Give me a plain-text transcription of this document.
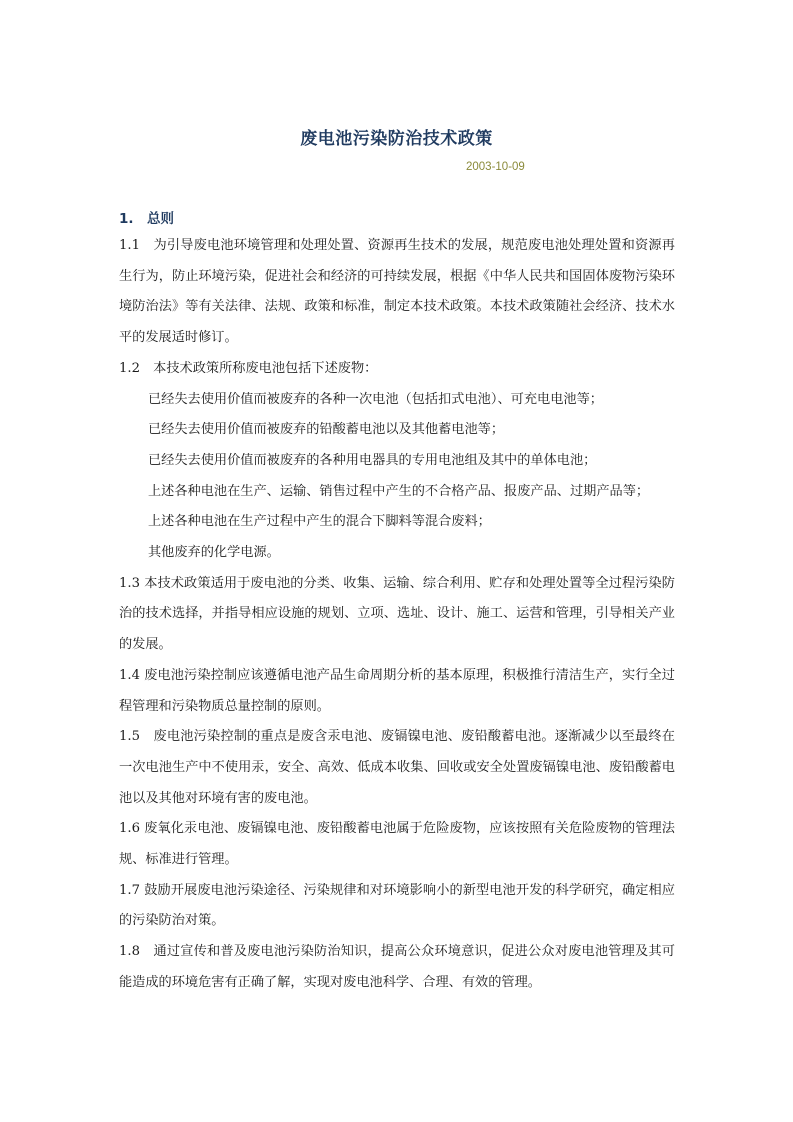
废电池污染防治技术政策
2003-10-09
1. 总则

1.1　为引导废电池环境管理和处理处置、资源再生技术的发展，规范废电池处理处置和资源再生行为，防止环境污染，促进社会和经济的可持续发展，根据《中华人民共和国固体废物污染环境防治法》等有关法律、法规、政策和标准，制定本技术政策。本技术政策随社会经济、技术水平的发展适时修订。

1.2　本技术政策所称废电池包括下述废物：

已经失去使用价值而被废弃的各种一次电池（包括扣式电池）、可充电电池等；

已经失去使用价值而被废弃的铅酸蓄电池以及其他蓄电池等；

已经失去使用价值而被废弃的各种用电器具的专用电池组及其中的单体电池；

上述各种电池在生产、运输、销售过程中产生的不合格产品、报废产品、过期产品等；

上述各种电池在生产过程中产生的混合下脚料等混合废料；

其他废弃的化学电源。

1.3 本技术政策适用于废电池的分类、收集、运输、综合利用、贮存和处理处置等全过程污染防治的技术选择，并指导相应设施的规划、立项、选址、设计、施工、运营和管理，引导相关产业的发展。

1.4 废电池污染控制应该遵循电池产品生命周期分析的基本原理，积极推行清洁生产，实行全过程管理和污染物质总量控制的原则。

1.5　废电池污染控制的重点是废含汞电池、废镉镍电池、废铅酸蓄电池。逐渐减少以至最终在一次电池生产中不使用汞，安全、高效、低成本收集、回收或安全处置废镉镍电池、废铅酸蓄电池以及其他对环境有害的废电池。

1.6 废氧化汞电池、废镉镍电池、废铅酸蓄电池属于危险废物，应该按照有关危险废物的管理法规、标准进行管理。

1.7 鼓励开展废电池污染途径、污染规律和对环境影响小的新型电池开发的科学研究，确定相应的污染防治对策。

1.8　通过宣传和普及废电池污染防治知识，提高公众环境意识，促进公众对废电池管理及其可能造成的环境危害有正确了解，实现对废电池科学、合理、有效的管理。
